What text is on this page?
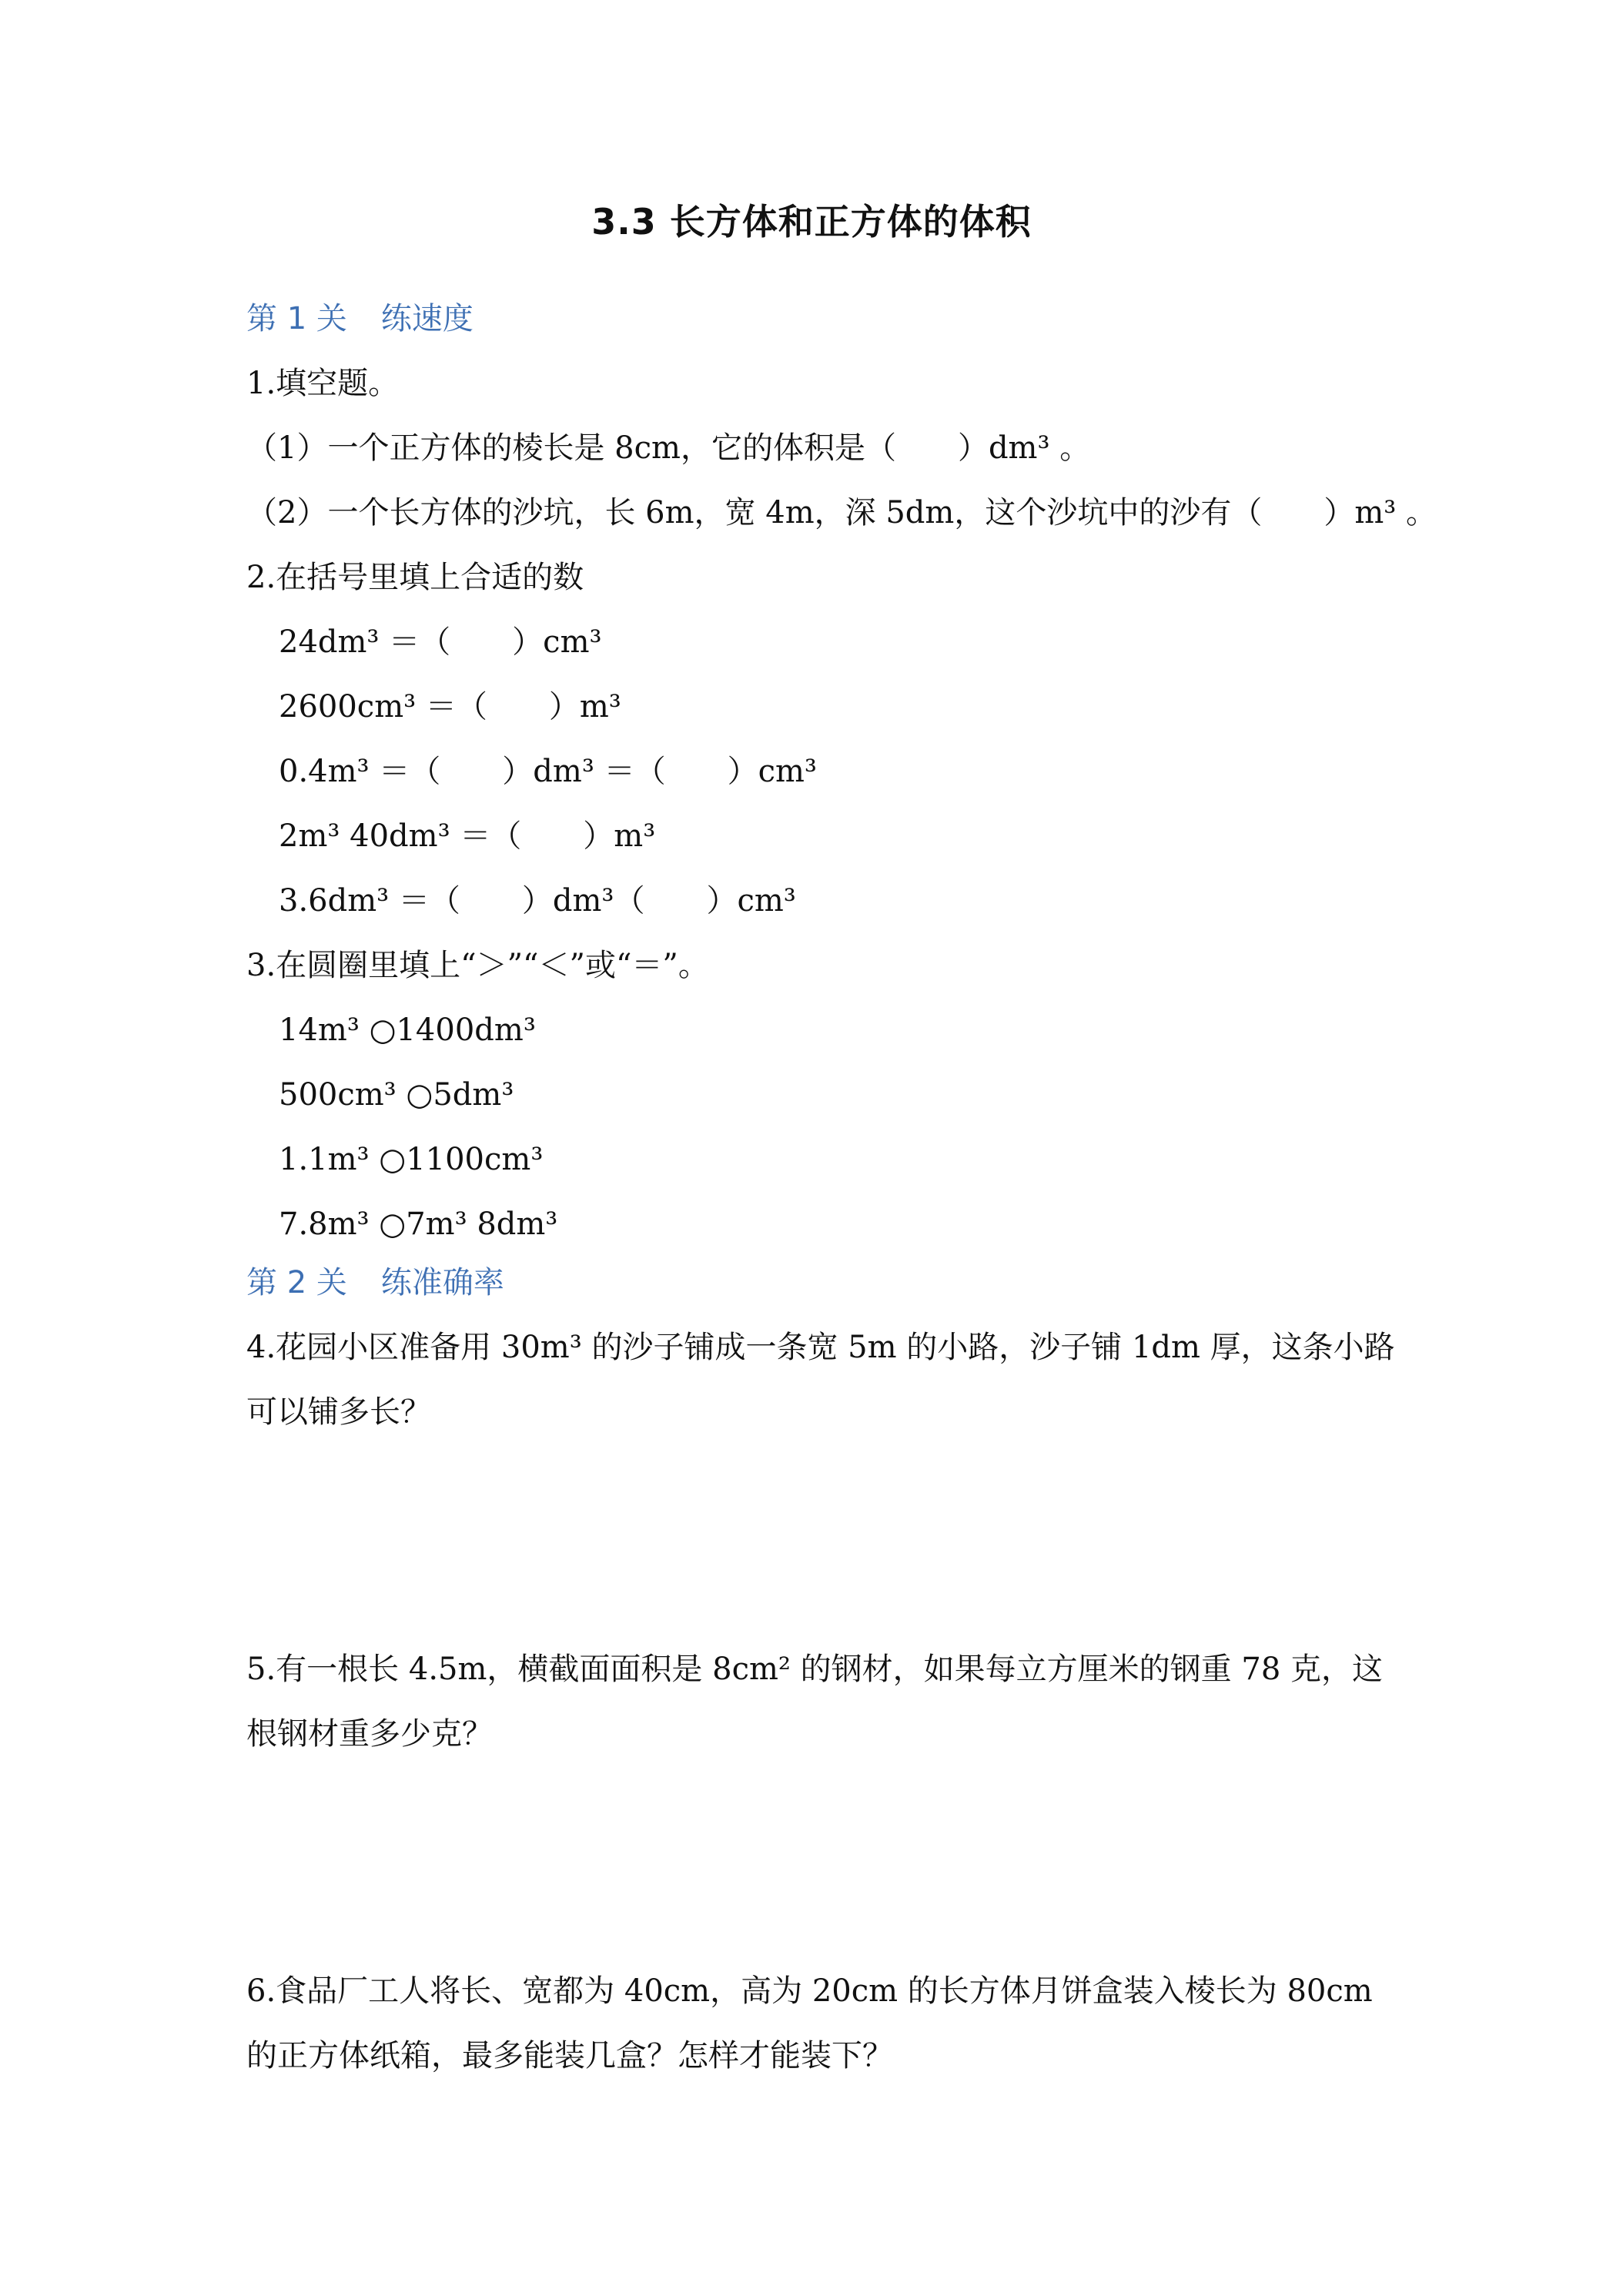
3.3 长方体和正方体的体积
第 1 关 练速度
1.填空题。
（1）一个正方体的棱长是 8cm，它的体积是（　　）dm³ 。
（2）一个长方体的沙坑，长 6m，宽 4m，深 5dm，这个沙坑中的沙有（　　）m³ 。
2.在括号里填上合适的数
24dm³ ＝（　　）cm³
2600cm³ ＝（　　）m³
0.4m³ ＝（　　）dm³ ＝（　　）cm³
2m³ 40dm³ ＝（　　）m³
3.6dm³ ＝（　　）dm³（　　）cm³
3.在圆圈里填上“＞”“＜”或“＝”。
14m³ ○1400dm³
500cm³ ○5dm³
1.1m³ ○1100cm³
7.8m³ ○7m³ 8dm³
第 2 关 练准确率
4.花园小区准备用 30m³ 的沙子铺成一条宽 5m 的小路，沙子铺 1dm 厚，这条小路
可以铺多长？
5.有一根长 4.5m，横截面面积是 8cm² 的钢材，如果每立方厘米的钢重 78 克，这
根钢材重多少克？
6.食品厂工人将长、宽都为 40cm，高为 20cm 的长方体月饼盒装入棱长为 80cm
的正方体纸箱，最多能装几盒？怎样才能装下？
